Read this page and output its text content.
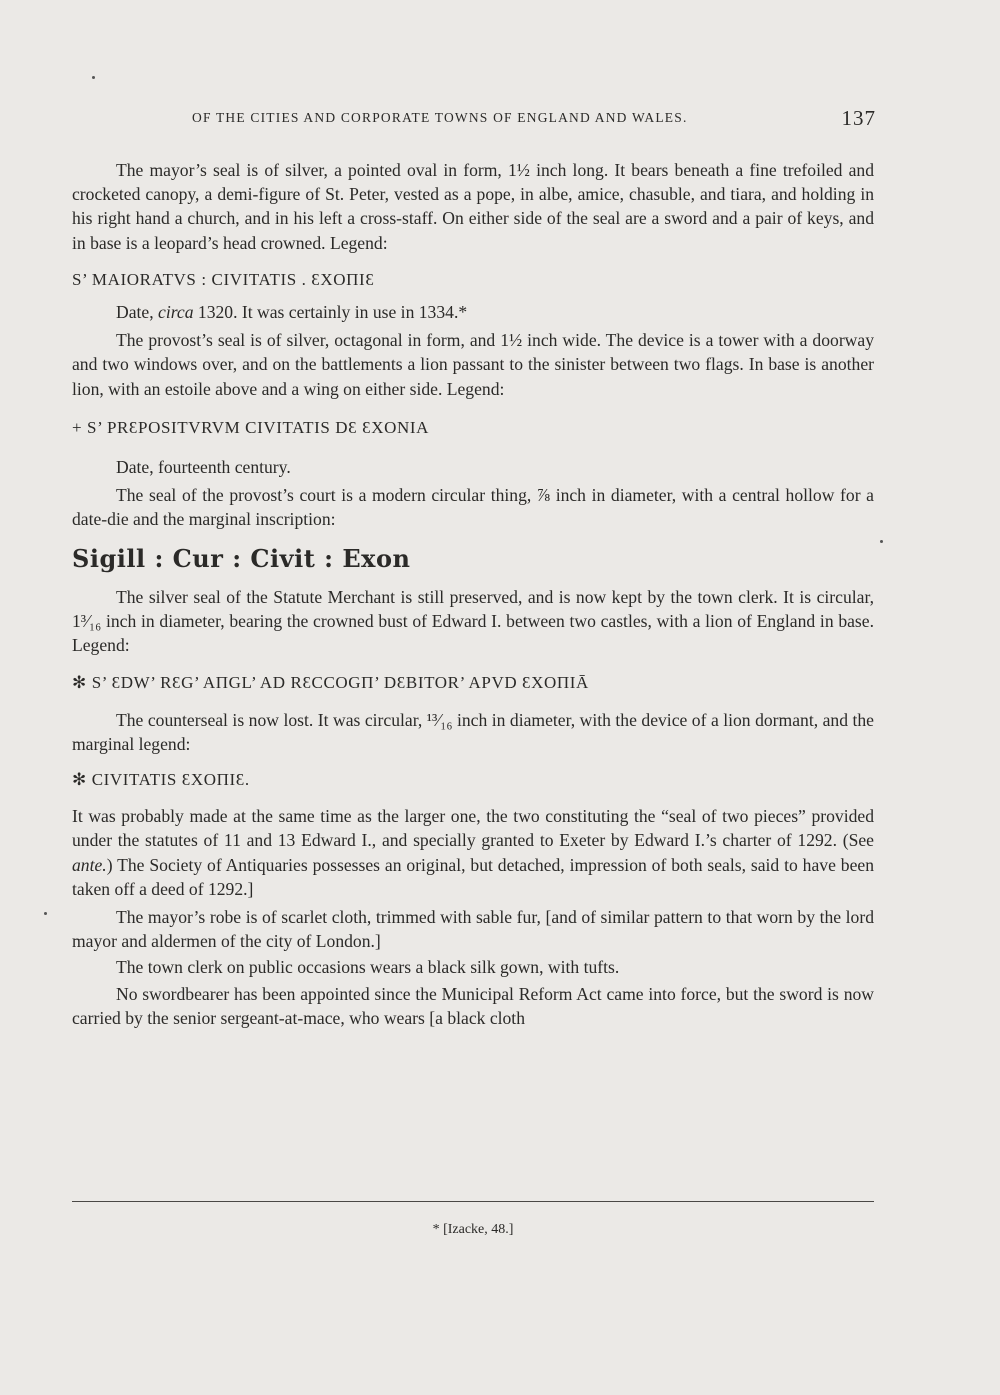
OF THE CITIES AND CORPORATE TOWNS OF ENGLAND AND WALES.	137

The mayor’s seal is of silver, a pointed oval in form, 1½ inch long. It bears beneath a fine trefoiled and crocketed canopy, a demi-figure of St. Peter, vested as a pope, in albe, amice, chasuble, and tiara, and holding in his right hand a church, and in his left a cross-staff. On either side of the seal are a sword and a pair of keys, and in base is a leopard’s head crowned. Legend:

S’ MAIORATVS : CIVITATIS . ƐXOПIƐ

Date, circa 1320. It was certainly in use in 1334.*

The provost’s seal is of silver, octagonal in form, and 1½ inch wide. The device is a tower with a doorway and two windows over, and on the battlements a lion passant to the sinister between two flags. In base is another lion, with an estoile above and a wing on either side. Legend:

+ S’ PRƐPOSITVRVM CIVITATIS DƐ ƐXONIA

Date, fourteenth century.

The seal of the provost’s court is a modern circular thing, ⅞ inch in diameter, with a central hollow for a date-die and the marginal inscription:

Sigill : Cur : Civit : Exon

The silver seal of the Statute Merchant is still preserved, and is now kept by the town clerk. It is circular, 1³⁄₁₆ inch in diameter, bearing the crowned bust of Edward I. between two castles, with a lion of England in base. Legend:

✻ S’ ƐDW’ RƐG’ AПGL’ AD RƐCCOGП’ DƐBITOR’ APVD ƐXOПIĀ

The counterseal is now lost. It was circular, ¹³⁄₁₆ inch in diameter, with the device of a lion dormant, and the marginal legend:

✻ CIVITATIS ƐXOПIƐ.

It was probably made at the same time as the larger one, the two constituting the “seal of two pieces” provided under the statutes of 11 and 13 Edward I., and specially granted to Exeter by Edward I.’s charter of 1292. (See ante.) The Society of Antiquaries possesses an original, but detached, impression of both seals, said to have been taken off a deed of 1292.]

The mayor’s robe is of scarlet cloth, trimmed with sable fur, [and of similar pattern to that worn by the lord mayor and aldermen of the city of London.]

The town clerk on public occasions wears a black silk gown, with tufts.

No swordbearer has been appointed since the Municipal Reform Act came into force, but the sword is now carried by the senior sergeant-at-mace, who wears [a black cloth

* [Izacke, 48.]
